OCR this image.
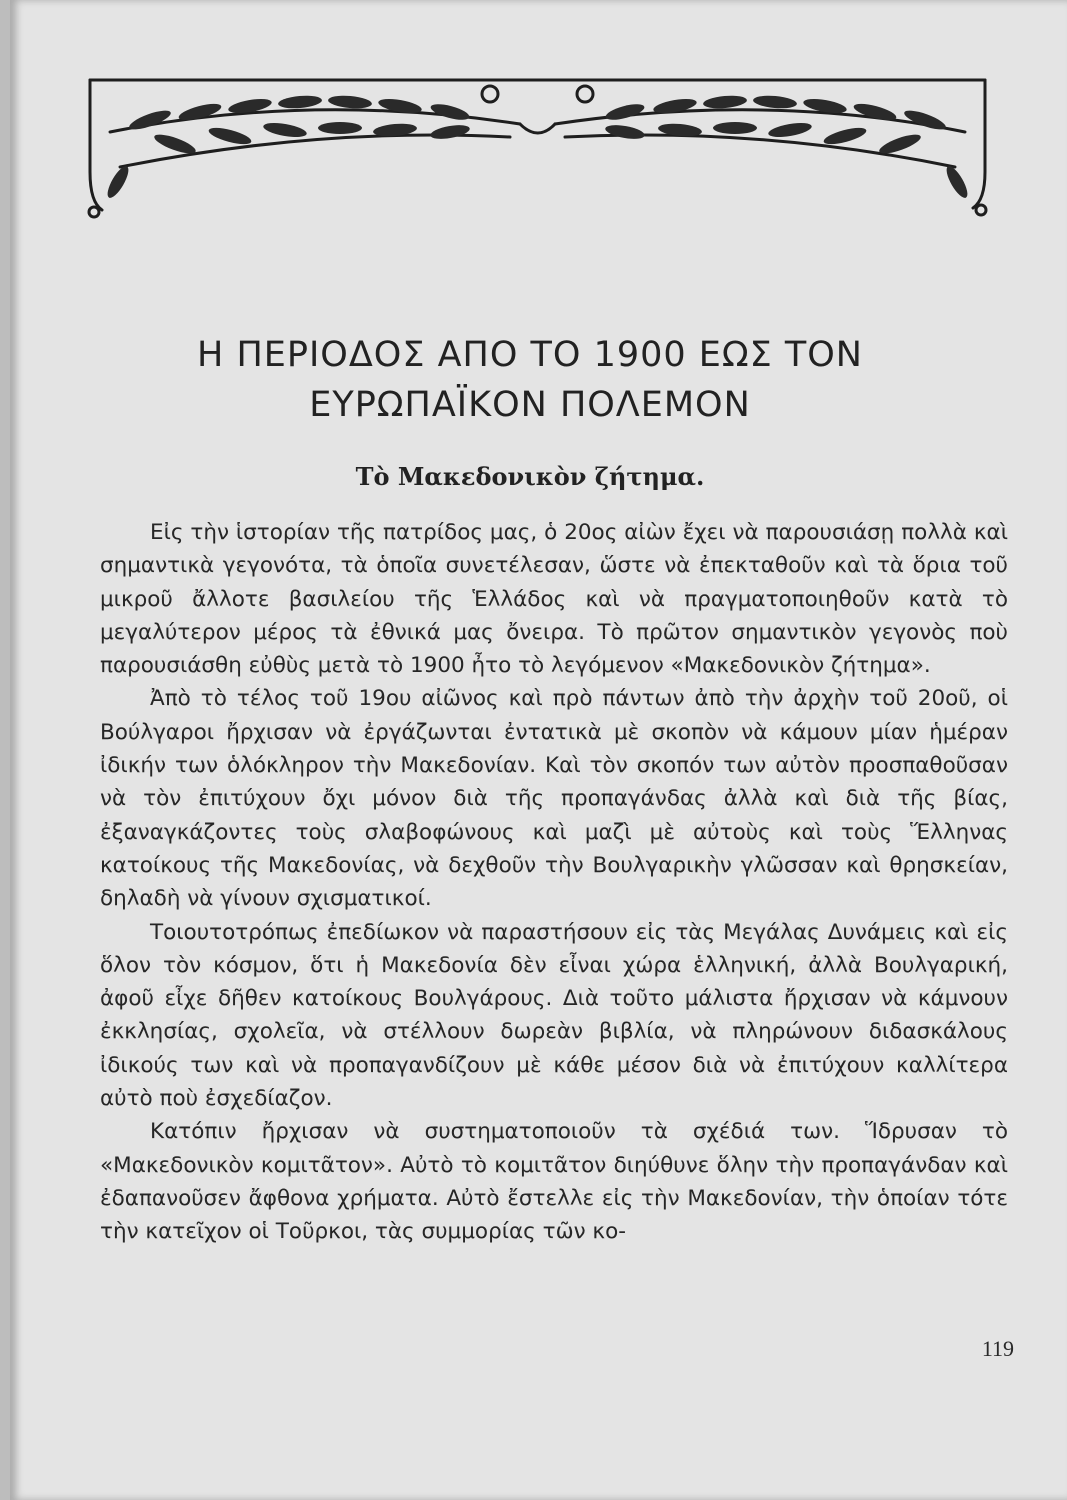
Η ΠΕΡΙΟΔΟΣ ΑΠΟ ΤΟ 1900 ΕΩΣ ΤΟΝ
ΕΥΡΩΠΑΪΚΟΝ ΠΟΛΕΜΟΝ
Τὸ Μακεδονικὸν ζήτημα.

Εἰς τὴν ἱστορίαν τῆς πατρίδος μας, ὁ 20ος αἰὼν ἔχει νὰ παρουσιάσῃ πολλὰ καὶ σημαντικὰ γεγονότα, τὰ ὁποῖα συνετέλεσαν, ὥστε νὰ ἐπεκταθοῦν καὶ τὰ ὅρια τοῦ μικροῦ ἄλλοτε βασιλείου τῆς Ἑλλάδος καὶ νὰ πραγματοποιηθοῦν κατὰ τὸ μεγαλύτερον μέρος τὰ ἐθνικά μας ὄνειρα. Τὸ πρῶτον σημαντικὸν γεγονὸς ποὺ παρουσιάσθη εὐθὺς μετὰ τὸ 1900 ἦτο τὸ λεγόμενον «Μακεδονικὸν ζήτημα».

Ἀπὸ τὸ τέλος τοῦ 19ου αἰῶνος καὶ πρὸ πάντων ἀπὸ τὴν ἀρχὴν τοῦ 20οῦ, οἱ Βούλγαροι ἤρχισαν νὰ ἐργάζωνται ἐντατικὰ μὲ σκοπὸν νὰ κάμουν μίαν ἡμέραν ἰδικήν των ὁλόκληρον τὴν Μακεδονίαν. Καὶ τὸν σκοπόν των αὐτὸν προσπαθοῦσαν νὰ τὸν ἐπιτύχουν ὄχι μόνον διὰ τῆς προπαγάνδας ἀλλὰ καὶ διὰ τῆς βίας, ἐξαναγκάζοντες τοὺς σλαβοφώνους καὶ μαζὶ μὲ αὐτοὺς καὶ τοὺς Ἕλληνας κατοίκους τῆς Μακεδονίας, νὰ δεχθοῦν τὴν Βουλγαρικὴν γλῶσσαν καὶ θρησκείαν, δηλαδὴ νὰ γίνουν σχισματικοί.

Τοιουτοτρόπως ἐπεδίωκον νὰ παραστήσουν εἰς τὰς Μεγάλας Δυνάμεις καὶ εἰς ὅλον τὸν κόσμον, ὅτι ἡ Μακεδονία δὲν εἶναι χώρα ἑλληνική, ἀλλὰ Βουλγαρική, ἀφοῦ εἶχε δῆθεν κατοίκους Βουλγάρους. Διὰ τοῦτο μάλιστα ἤρχισαν νὰ κάμνουν ἐκκλησίας, σχολεῖα, νὰ στέλλουν δωρεὰν βιβλία, νὰ πληρώνουν διδασκάλους ἰδικούς των καὶ νὰ προπαγανδίζουν μὲ κάθε μέσον διὰ νὰ ἐπιτύχουν καλλίτερα αὐτὸ ποὺ ἐσχεδίαζον.

Κατόπιν ἤρχισαν νὰ συστηματοποιοῦν τὰ σχέδιά των. Ἵδρυσαν τὸ «Μακεδονικὸν κομιτᾶτον». Αὐτὸ τὸ κομιτᾶτον διηύθυνε ὅλην τὴν προπαγάνδαν καὶ ἐδαπανοῦσεν ἄφθονα χρήματα. Αὐτὸ ἔστελλε εἰς τὴν Μακεδονίαν, τὴν ὁποίαν τότε τὴν κατεῖχον οἱ Τοῦρκοι, τὰς συμμορίας τῶν κο-

119
